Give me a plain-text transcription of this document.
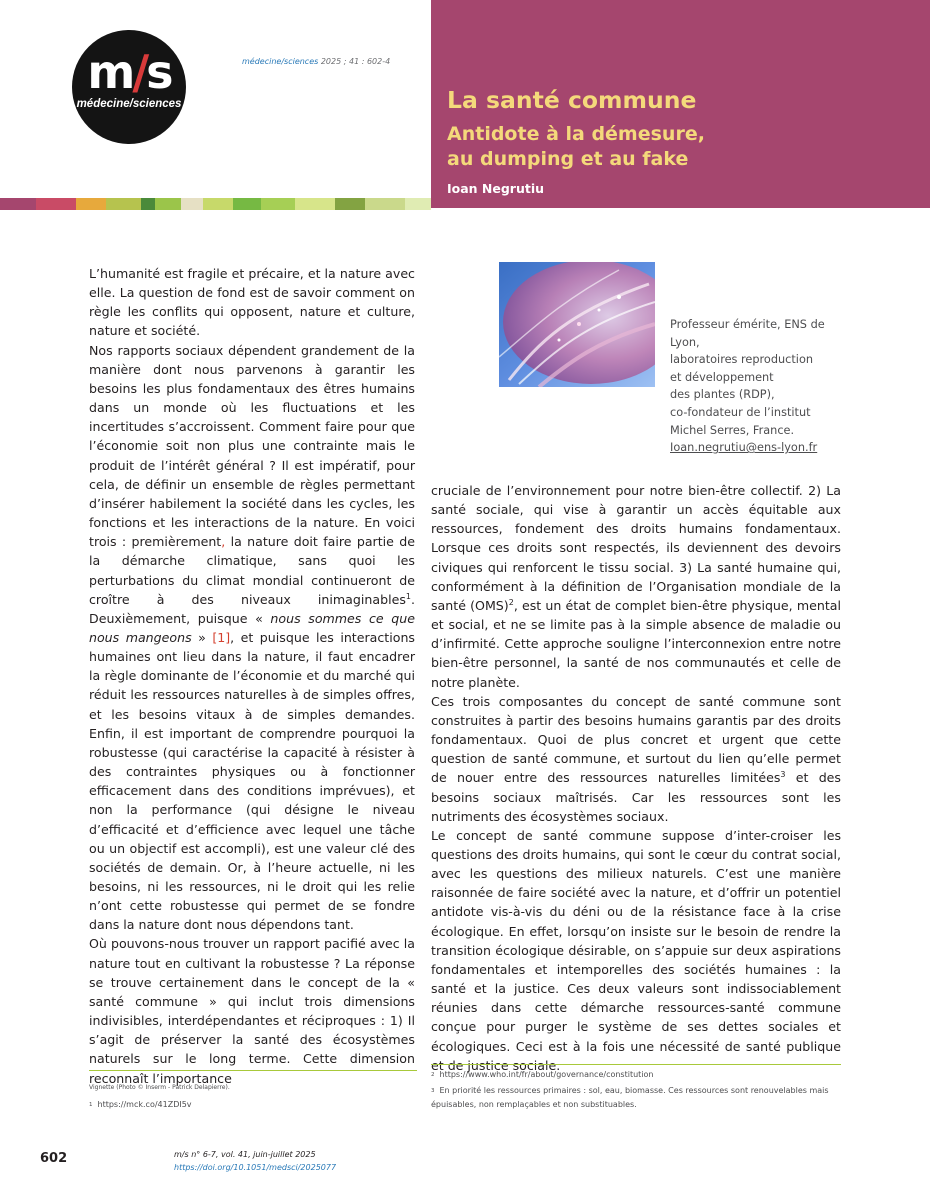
m/s
médecine/sciences
médecine/sciences 2025 ; 41 : 602-4
La santé commune
Antidote à la démesure,
au dumping et au fake
Ioan Negrutiu
Professeur émérite, ENS de Lyon,
laboratoires reproduction
et développement
des plantes (RDP),
co-fondateur de l’institut
Michel Serres, France.
Ioan.negrutiu@ens-lyon.fr

L’humanité est fragile et précaire, et la nature avec elle. La question de fond est de savoir comment on règle les conflits qui opposent, nature et culture, nature et société.

Nos rapports sociaux dépendent grandement de la manière dont nous parvenons à garantir les besoins les plus fondamentaux des êtres humains dans un monde où les fluctuations et les incertitudes s’accroissent. Comment faire pour que l’économie soit non plus une contrainte mais le produit de l’intérêt général ? Il est impératif, pour cela, de définir un ensemble de règles permettant d’insérer habilement la société dans les cycles, les fonctions et les interactions de la nature. En voici trois : premièrement, la nature doit faire partie de la démarche climatique, sans quoi les perturbations du climat mondial continueront de croître à des niveaux inimaginables$^1$. Deuxièmement, puisque « nous sommes ce que nous mangeons » [1], et puisque les interactions humaines ont lieu dans la nature, il faut encadrer la règle dominante de l’économie et du marché qui réduit les ressources naturelles à de simples offres, et les besoins vitaux à de simples demandes. Enfin, il est important de comprendre pourquoi la robustesse (qui caractérise la capacité à résister à des contraintes physiques ou à fonctionner efficacement dans des conditions imprévues), et non la performance (qui désigne le niveau d’efficacité et d’efficience avec lequel une tâche ou un objectif est accompli), est une valeur clé des sociétés de demain. Or, à l’heure actuelle, ni les besoins, ni les ressources, ni le droit qui les relie n’ont cette robustesse qui permet de se fondre dans la nature dont nous dépendons tant.

Où pouvons-nous trouver un rapport pacifié avec la nature tout en cultivant la robustesse ? La réponse se trouve certainement dans le concept de la « santé commune » qui inclut trois dimensions indivisibles, interdépendantes et réciproques : 1) Il s’agit de préserver la santé des écosystèmes naturels sur le long terme. Cette dimension reconnaît l’importance

cruciale de l’environnement pour notre bien-être collectif. 2) La santé sociale, qui vise à garantir un accès équitable aux ressources, fondement des droits humains fondamentaux. Lorsque ces droits sont respectés, ils deviennent des devoirs civiques qui renforcent le tissu social. 3) La santé humaine qui, conformément à la définition de l’Organisation mondiale de la santé (OMS)$^2$, est un état de complet bien-être physique, mental et social, et ne se limite pas à la simple absence de maladie ou d’infirmité. Cette approche souligne l’interconnexion entre notre bien-être personnel, la santé de nos communautés et celle de notre planète.

Ces trois composantes du concept de santé commune sont construites à partir des besoins humains garantis par des droits fondamentaux. Quoi de plus concret et urgent que cette question de santé commune, et surtout du lien qu’elle permet de nouer entre des ressources naturelles limitées$^3$ et des besoins sociaux maîtrisés. Car les ressources sont les nutriments des écosystèmes sociaux.

Le concept de santé commune suppose d’inter-croiser les questions des droits humains, qui sont le cœur du contrat social, avec les questions des milieux naturels. C’est une manière raisonnée de faire société avec la nature, et d’offrir un potentiel antidote vis-à-vis du déni ou de la résistance face à la crise écologique. En effet, lorsqu’on insiste sur le besoin de rendre la transition écologique désirable, on s’appuie sur deux aspirations fondamentales et intemporelles des sociétés humaines : la santé et la justice. Ces deux valeurs sont indissociablement réunies dans cette démarche ressources-santé commune conçue pour purger le système de ses dettes sociales et écologiques. Ceci est à la fois une nécessité de santé publique et de justice sociale.

Vignette (Photo © Inserm - Patrick Delapierre).
$^1$ https://mck.co/41ZDI5v
$^2$ https://www.who.int/fr/about/governance/constitution
$^3$ En priorité les ressources primaires : sol, eau, biomasse. Ces ressources sont renouvelables mais épuisables, non remplaçables et non substituables.
602	m/s n° 6-7, vol. 41, juin-juillet 2025
https://doi.org/10.1051/medsci/2025077
